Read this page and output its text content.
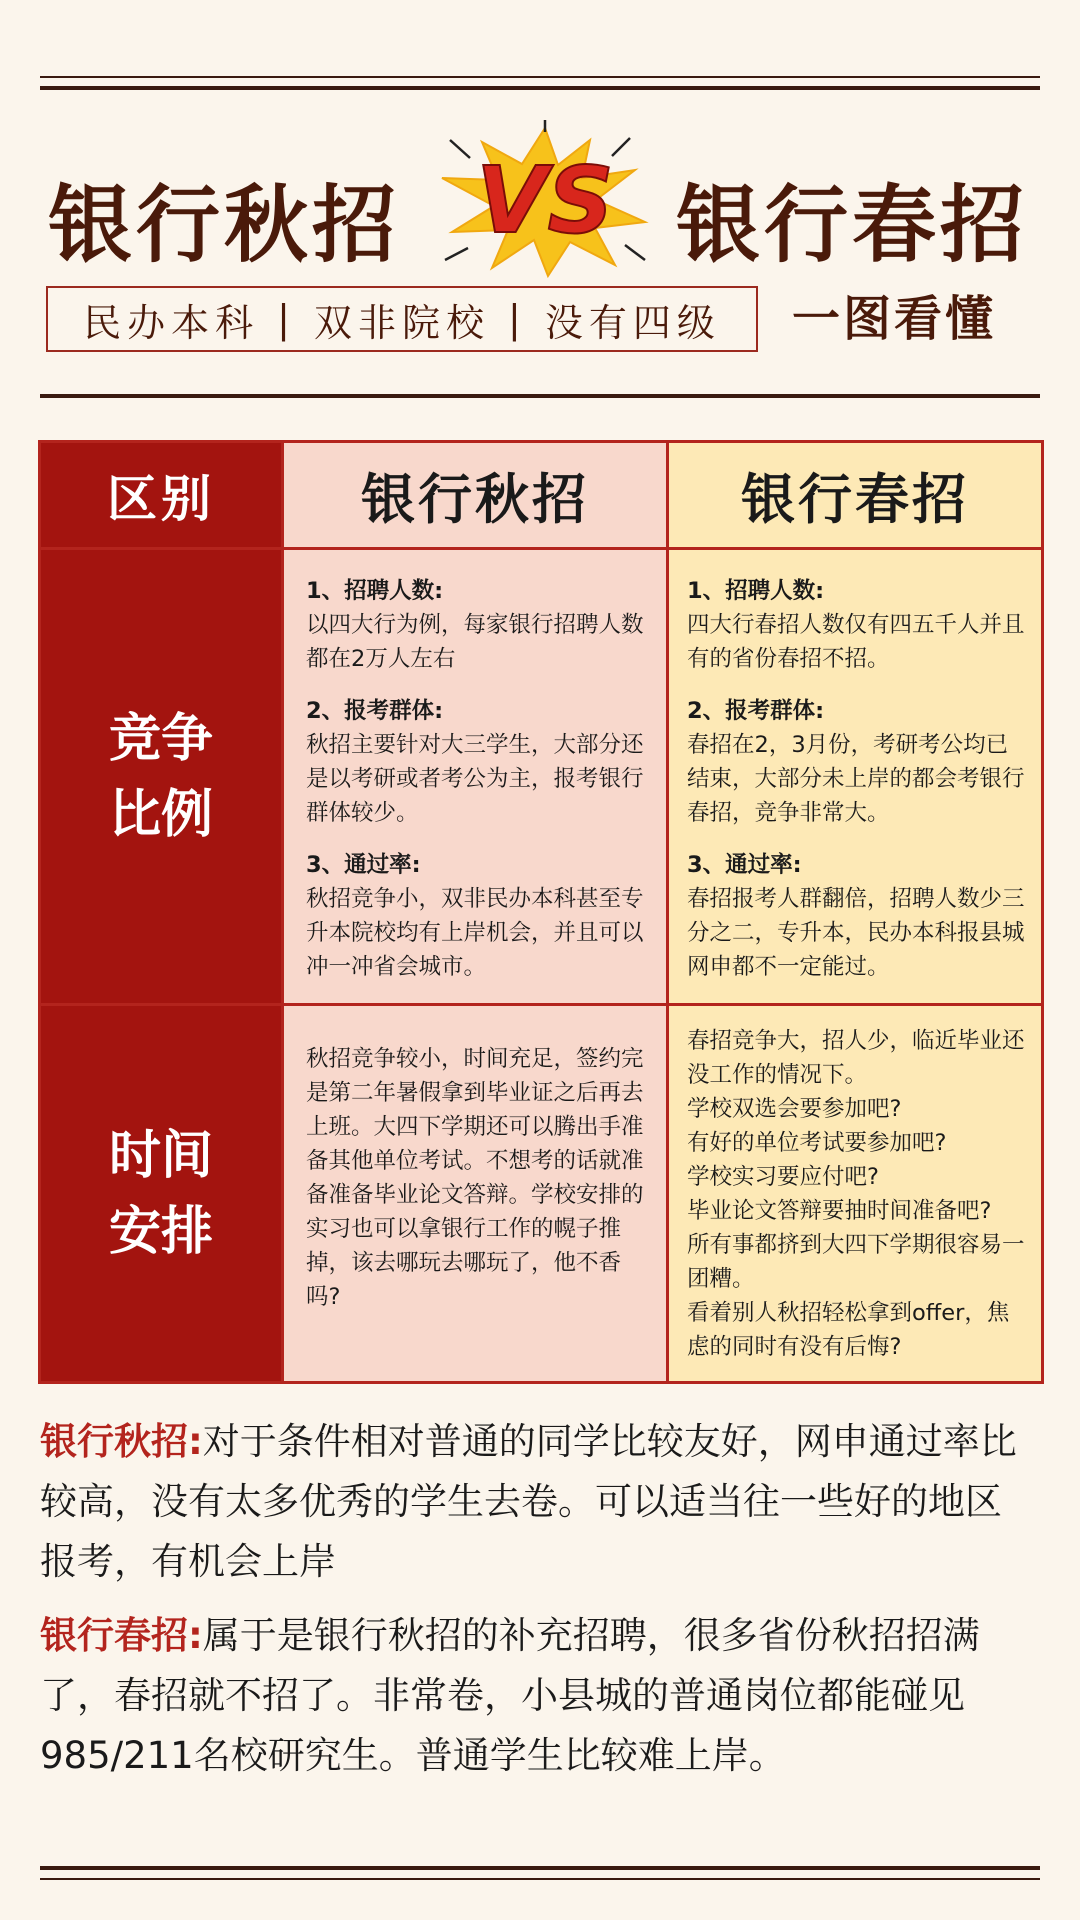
银行秋招 VS 银行春招
民办本科 | 双非院校 | 没有四级 一图看懂
区别	银行秋招	银行春招
竞争
比例
1、招聘人数:
以四大行为例，每家银行招聘人数都在2万人左右
2、报考群体:
秋招主要针对大三学生，大部分还是以考研或者考公为主，报考银行群体较少。
3、通过率:
秋招竞争小，双非民办本科甚至专升本院校均有上岸机会，并且可以冲一冲省会城市。
1、招聘人数:
四大行春招人数仅有四五千人并且有的省份春招不招。
2、报考群体:
春招在2，3月份，考研考公均已结束，大部分未上岸的都会考银行春招，竞争非常大。
3、通过率:
春招报考人群翻倍，招聘人数少三分之二，专升本，民办本科报县城网申都不一定能过。
时间
安排
秋招竞争较小，时间充足，签约完是第二年暑假拿到毕业证之后再去上班。大四下学期还可以腾出手准备其他单位考试。不想考的话就准备准备毕业论文答辩。学校安排的实习也可以拿银行工作的幌子推掉，该去哪玩去哪玩了，他不香吗?
春招竞争大，招人少，临近毕业还没工作的情况下。
学校双选会要参加吧?
有好的单位考试要参加吧?
学校实习要应付吧?
毕业论文答辩要抽时间准备吧?
所有事都挤到大四下学期很容易一团糟。
看着别人秋招轻松拿到offer，焦虑的同时有没有后悔?
银行秋招:对于条件相对普通的同学比较友好，网申通过率比较高，没有太多优秀的学生去卷。可以适当往一些好的地区报考，有机会上岸
银行春招:属于是银行秋招的补充招聘，很多省份秋招招满了，春招就不招了。非常卷，小县城的普通岗位都能碰见985/211名校研究生。普通学生比较难上岸。
